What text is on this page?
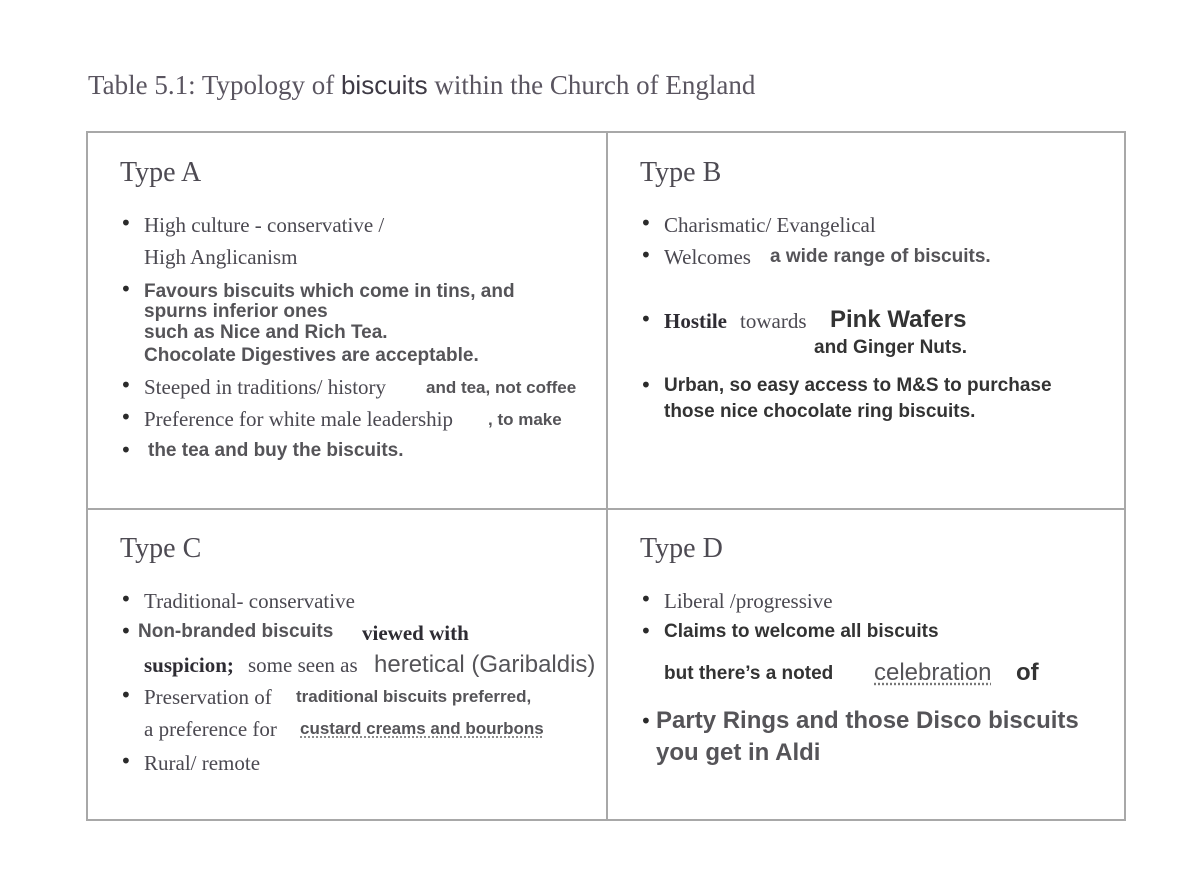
Table 5.1: Typology of biscuits within the Church of England
Type A
• High culture - conservative /
High Anglicanism
• Favours biscuits which come in tins, and
spurns inferior ones
such as Nice and Rich Tea.
Chocolate Digestives are acceptable.
• Steeped in traditions/ history and tea, not coffee
• Preference for white male leadership , to make
• the tea and buy the biscuits.
Type B
• Charismatic/ Evangelical
• Welcomes a wide range of biscuits.
• Hostile towards Pink Wafers
and Ginger Nuts.
• Urban, so easy access to M&S to purchase
those nice chocolate ring biscuits.
Type C
• Traditional- conservative
• Non-branded biscuits viewed with
suspicion; some seen as heretical (Garibaldis)
• Preservation of traditional biscuits preferred,
a preference for custard creams and bourbons
• Rural/ remote
Type D
• Liberal /progressive
• Claims to welcome all biscuits
but there’s a noted celebration of
• Party Rings and those Disco biscuits
you get in Aldi
